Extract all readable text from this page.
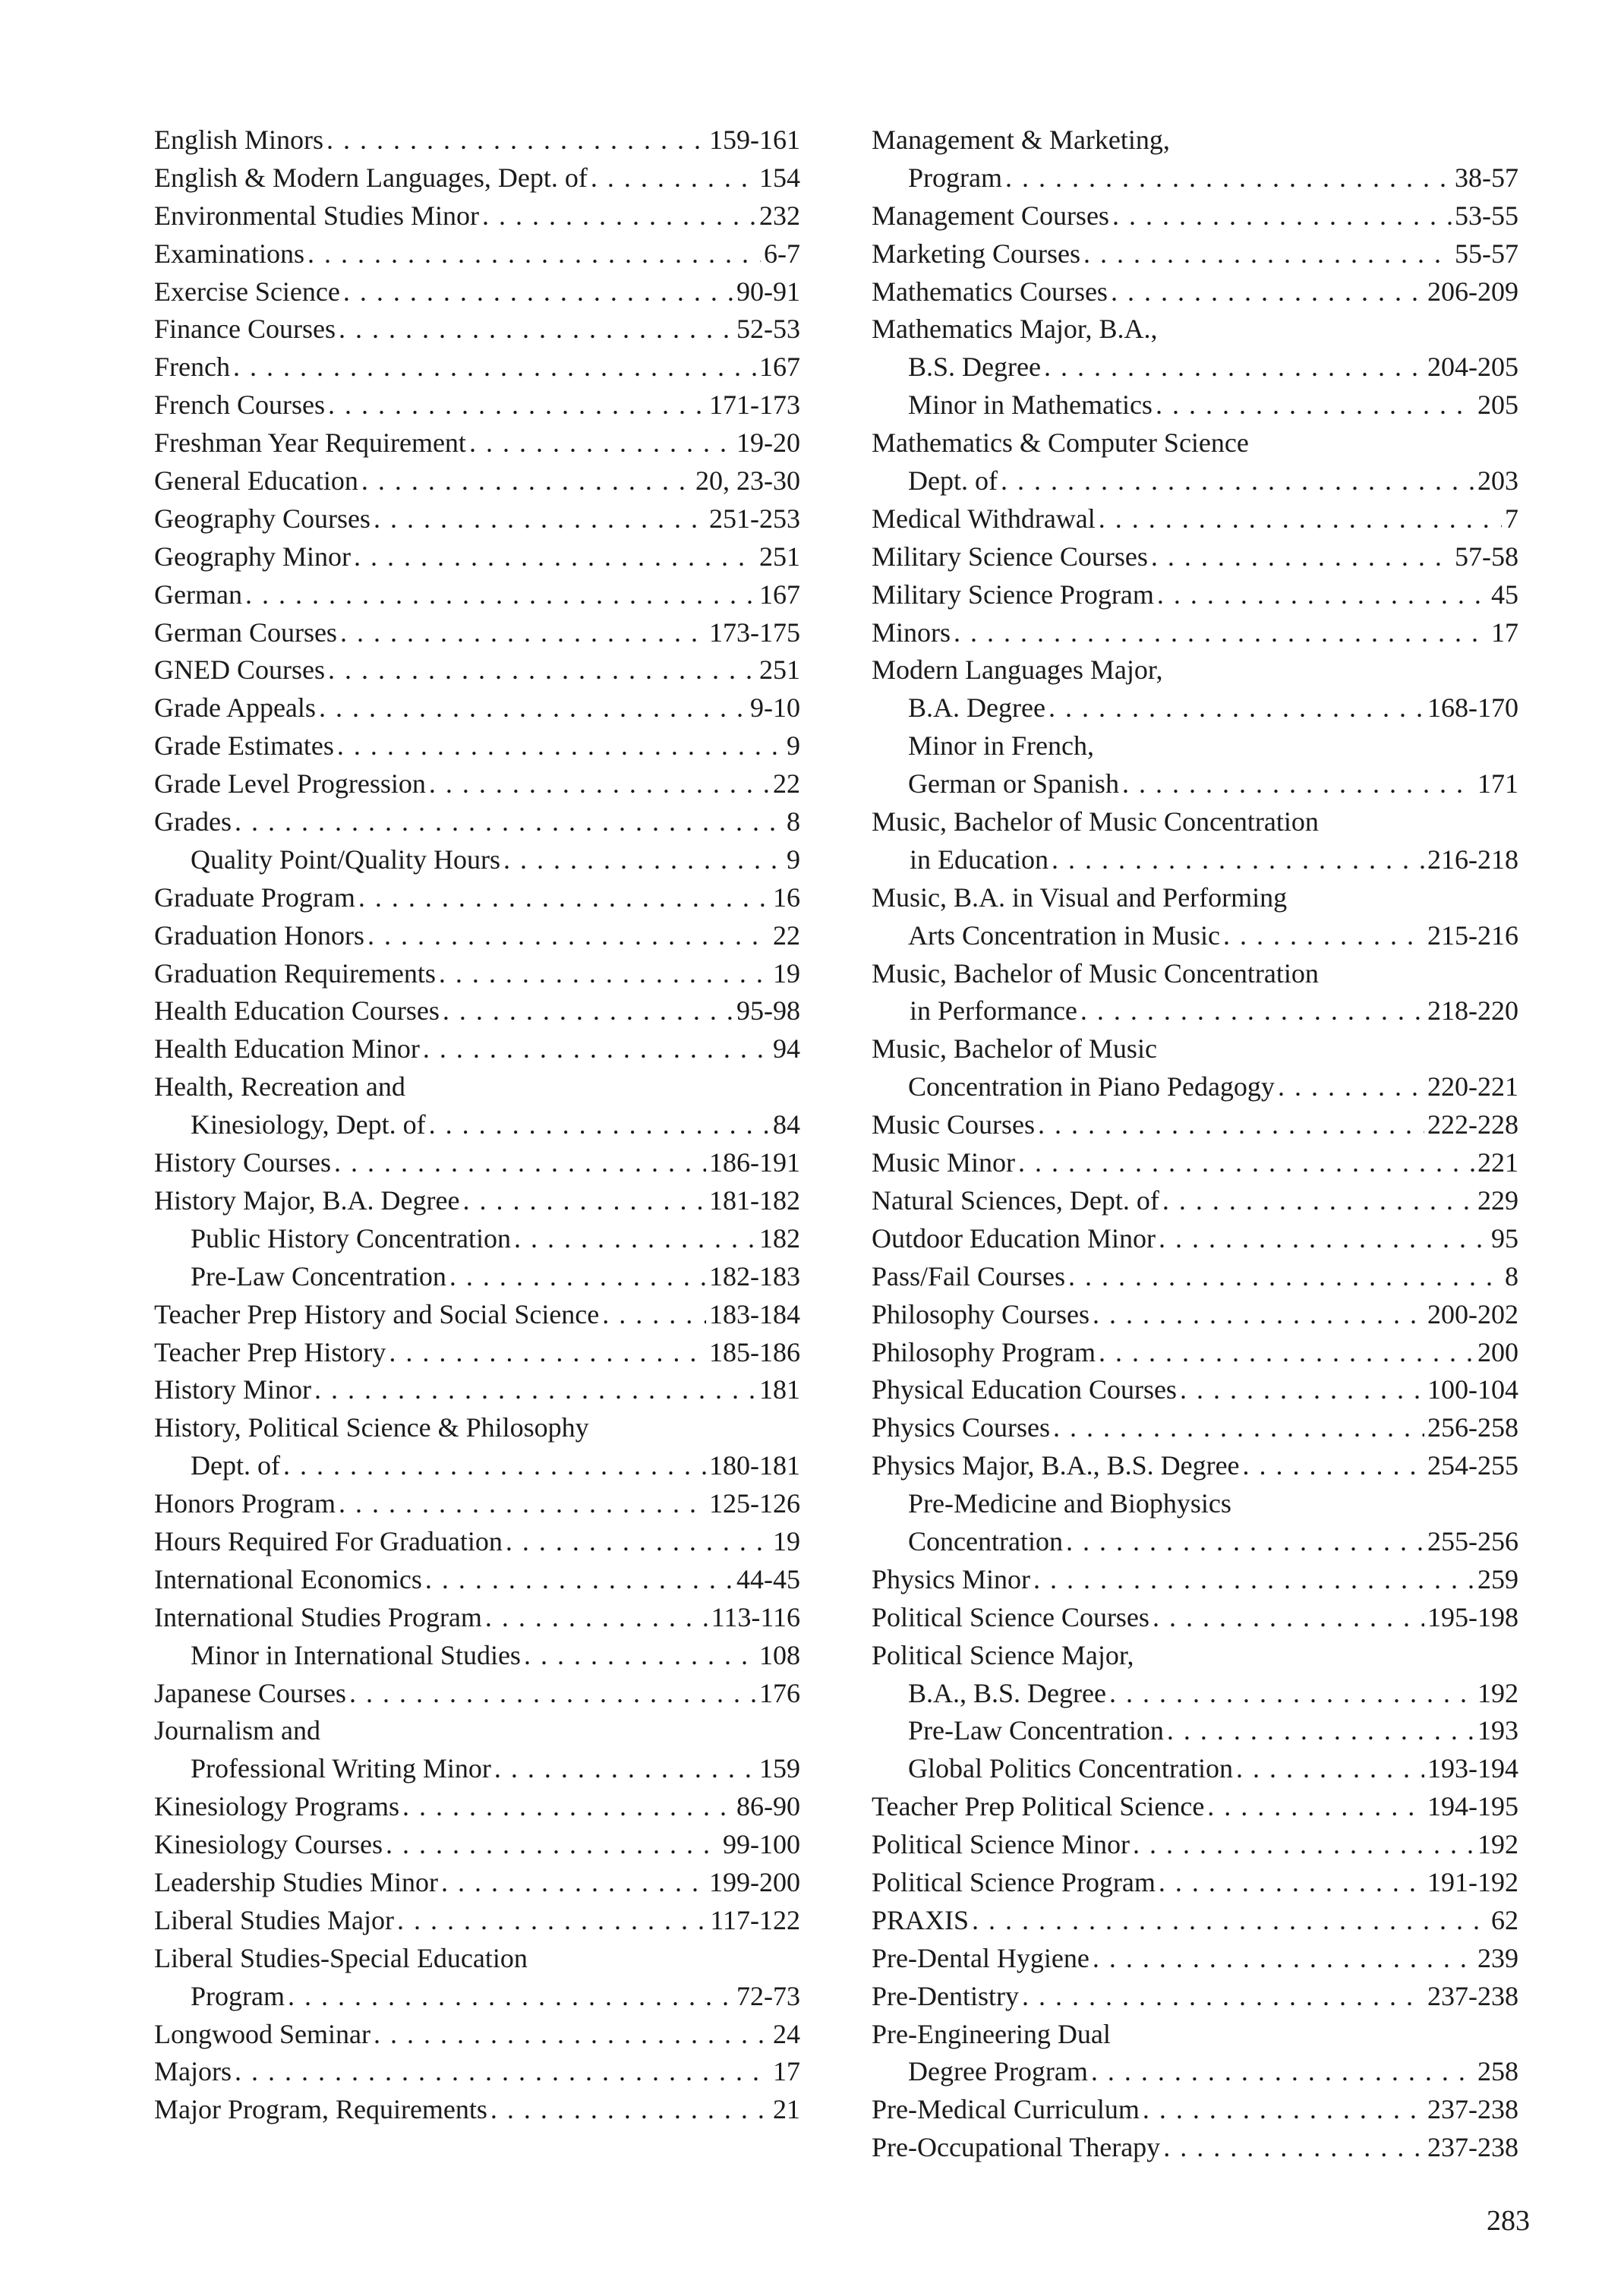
English Minors . . .	159-161
English & Modern Languages, Dept. of . . .	154
Environmental Studies Minor . . .	232
Examinations . . .	6-7
Exercise Science . . .	90-91
Finance Courses . . .	52-53
French . . .	167
French Courses . . .	171-173
Freshman Year Requirement . . .	19-20
General Education . . .	20, 23-30
Geography Courses . . .	251-253
Geography Minor . . .	251
German . . .	167
German Courses . . .	173-175
GNED Courses . . .	251
Grade Appeals . . .	9-10
Grade Estimates . . .	9
Grade Level Progression . . .	22
Grades . . .	8
Quality Point/Quality Hours . . .	9
Graduate Program . . .	16
Graduation Honors . . .	22
Graduation Requirements . . .	19
Health Education Courses . . .	95-98
Health Education Minor . . .	94
Health, Recreation and
Kinesiology, Dept. of . . .	84
History Courses . . .	186-191
History Major, B.A. Degree . . .	181-182
Public History Concentration . . .	182
Pre-Law Concentration . . .	182-183
Teacher Prep History and Social Science . . .	183-184
Teacher Prep History . . .	185-186
History Minor . . .	181
History, Political Science & Philosophy
Dept. of . . .	180-181
Honors Program . . .	125-126
Hours Required For Graduation . . .	19
International Economics . . .	44-45
International Studies Program . . .	113-116
Minor in International Studies . . .	108
Japanese Courses . . .	176
Journalism and
Professional Writing Minor . . .	159
Kinesiology Programs . . .	86-90
Kinesiology Courses . . .	99-100
Leadership Studies Minor . . .	199-200
Liberal Studies Major . . .	117-122
Liberal Studies-Special Education
Program . . .	72-73
Longwood Seminar . . .	24
Majors . . .	17
Major Program, Requirements . . .	21
Management & Marketing,
Program . . .	38-57
Management Courses . . .	53-55
Marketing Courses . . .	55-57
Mathematics Courses . . .	206-209
Mathematics Major, B.A.,
B.S. Degree . . .	204-205
Minor in Mathematics . . .	205
Mathematics & Computer Science
Dept. of . . .	203
Medical Withdrawal . . .	7
Military Science Courses . . .	57-58
Military Science Program . . .	45
Minors . . .	17
Modern Languages Major,
B.A. Degree . . .	168-170
Minor in French,
German or Spanish . . .	171
Music, Bachelor of Music Concentration
in Education . . .	216-218
Music, B.A. in Visual and Performing
Arts Concentration in Music . . .	215-216
Music, Bachelor of Music Concentration
in Performance . . .	218-220
Music, Bachelor of Music
Concentration in Piano Pedagogy . . .	220-221
Music Courses . . .	222-228
Music Minor . . .	221
Natural Sciences, Dept. of . . .	229
Outdoor Education Minor . . .	95
Pass/Fail Courses . . .	8
Philosophy Courses . . .	200-202
Philosophy Program . . .	200
Physical Education Courses . . .	100-104
Physics Courses . . .	256-258
Physics Major, B.A., B.S. Degree . . .	254-255
Pre-Medicine and Biophysics
Concentration . . .	255-256
Physics Minor . . .	259
Political Science Courses . . .	195-198
Political Science Major,
B.A., B.S. Degree . . .	192
Pre-Law Concentration . . .	193
Global Politics Concentration . . .	193-194
Teacher Prep Political Science . . .	194-195
Political Science Minor . . .	192
Political Science Program . . .	191-192
PRAXIS . . .	62
Pre-Dental Hygiene . . .	239
Pre-Dentistry . . .	237-238
Pre-Engineering Dual
Degree Program . . .	258
Pre-Medical Curriculum . . .	237-238
Pre-Occupational Therapy . . .	237-238
283
